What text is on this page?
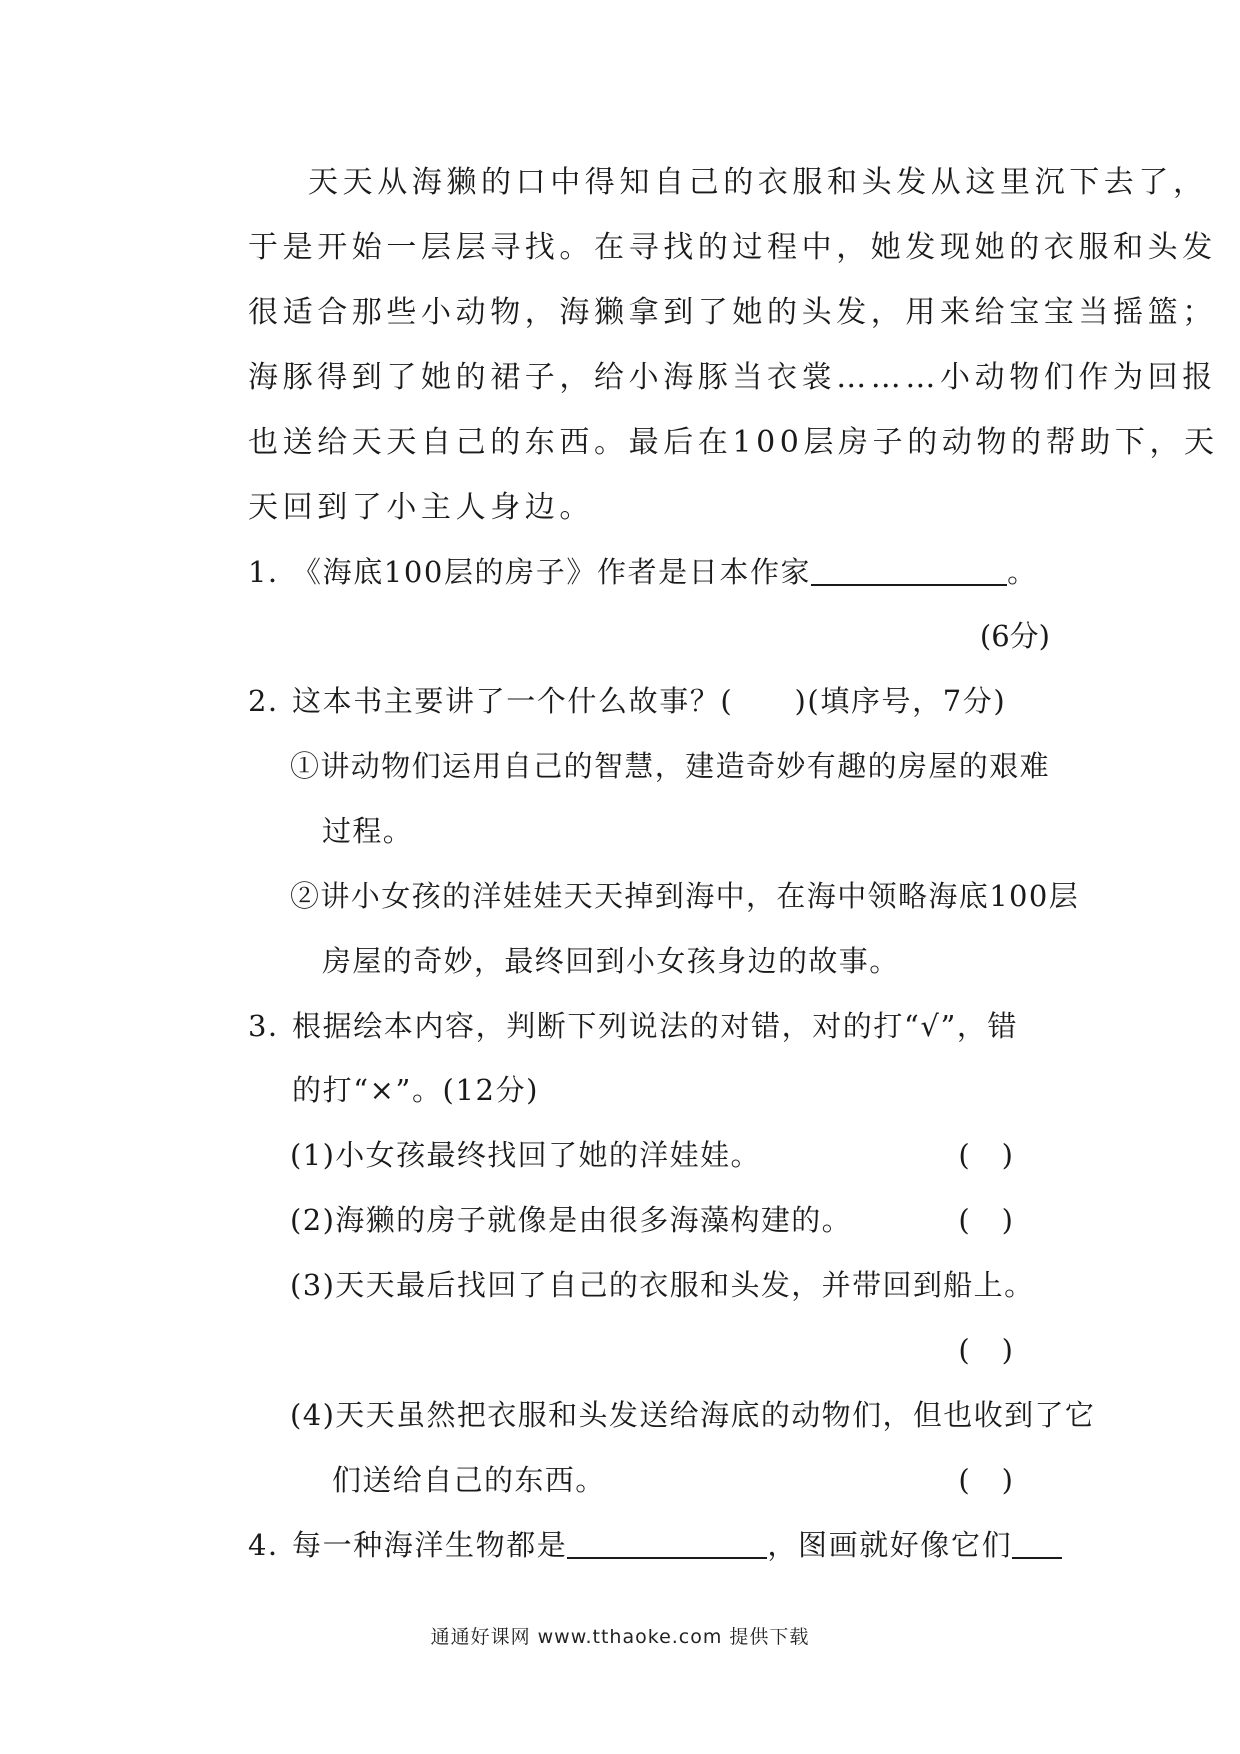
天天从海獭的口中得知自己的衣服和头发从这里沉下去了，
于是开始一层层寻找。在寻找的过程中，她发现她的衣服和头发
很适合那些小动物，海獭拿到了她的头发，用来给宝宝当摇篮；
海豚得到了她的裙子，给小海豚当衣裳………小动物们作为回报
也送给天天自己的东西。最后在100层房子的动物的帮助下，天
天回到了小主人身边。
1．《海底100层的房子》作者是日本作家	。
(6分)
2．这本书主要讲了一个什么故事？(　　)(填序号，7分)
①讲动物们运用自己的智慧，建造奇妙有趣的房屋的艰难
过程。
②讲小女孩的洋娃娃天天掉到海中，在海中领略海底100层
房屋的奇妙，最终回到小女孩身边的故事。
3．根据绘本内容，判断下列说法的对错，对的打“√”，错
的打“×”。(12分)
(1)小女孩最终找回了她的洋娃娃。	()
(2)海獭的房子就像是由很多海藻构建的。	()
(3)天天最后找回了自己的衣服和头发，并带回到船上。
()
(4)天天虽然把衣服和头发送给海底的动物们，但也收到了它
们送给自己的东西。	()
4．每一种海洋生物都是	，图画就好像它们
通通好课网 www.tthaoke.com 提供下载
